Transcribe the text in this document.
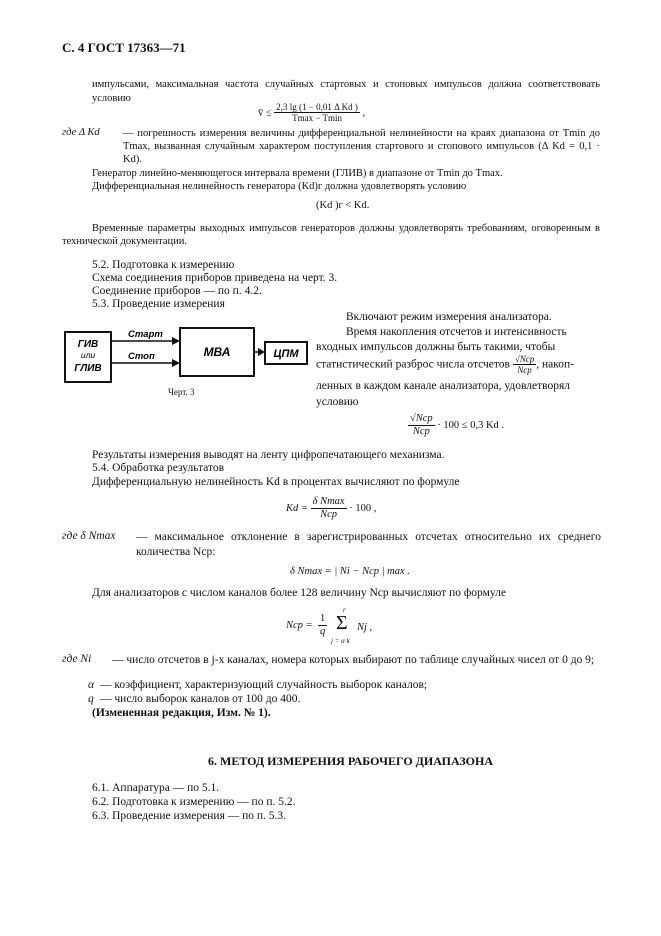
С. 4 ГОСТ 17363—71
импульсами, максимальная частота случайных стартовых и стоповых импульсов должна соответствовать условию
v̄ ≤ $\frac{\text{2,3 lg (1 − 0,01 Δ Kd )}}{Tmax - Tmin}$ ,
где Δ Kd — погрешность измерения величины дифференциальной нелинейности на краях диапазона от Tmin до Tmax, вызванная случайным характером поступления стартового и стопового импульсов (Δ Kd = 0,1 · Kd).
Генератор линейно-меняющегося интервала времени (ГЛИВ) в диапазоне от Tmin до Tmax.
Дифференциальная нелинейность генератора (Kd)г должна удовлетворять условию
(Kd )г < Kd.
Временные параметры выходных импульсов генераторов должны удовлетворять требованиям, оговоренным в технической документации.
5.2. Подготовка к измерению
Схема соединения приборов приведена на черт. 3.
Соединение приборов — по п. 4.2.
5.3. Проведение измерения
ГИВ
или
ГЛИВ
Старт
Стоп	МВА	ЦПМ
Черт. 3
Включают режим измерения анализатора.
Время накопления отсчетов и интенсивность
входных импульсов должны быть такими, чтобы
статистический разброс числа отсчетов $\frac{\text{√Nср}}{\text{Nср}}$ , накоп-
ленных в каждом канале анализатора, удовлетворял
условию
$\frac{\text{√Nср}}{\text{Nср}} \cdot 100 \le 0,3$ Kd .
Результаты измерения выводят на ленту цифропечатающего механизма.
5.4. Обработка результатов
Дифференциальную нелинейность Kd в процентах вычисляют по формуле
$Kd = \frac{\text{δ Nmax}}{\text{Nср}} \cdot 100$ ,
где δ Nmax — максимальное отклонение в зарегистрированных отсчетах относительно их среднего количества Nср:
δ Nmax = | Ni − Nср | max .
Для анализаторов с числом каналов более 128 величину Nср вычисляют по формуле
Nср = $\frac{1}{q}$
r
Σ
j = α k
Nj ,
где Ni — число отсчетов в j-х каналах, номера которых выбирают по таблице случайных чисел от 0 до 9;
α — коэффициент, характеризующий случайность выборок каналов;
q — число выборок каналов от 100 до 400.
(Измененная редакция, Изм. № 1).
6. МЕТОД ИЗМЕРЕНИЯ РАБОЧЕГО ДИАПАЗОНА
6.1. Аппаратура — по 5.1.
6.2. Подготовка к измерению — по п. 5.2.
6.3. Проведение измерения — по п. 5.3.
